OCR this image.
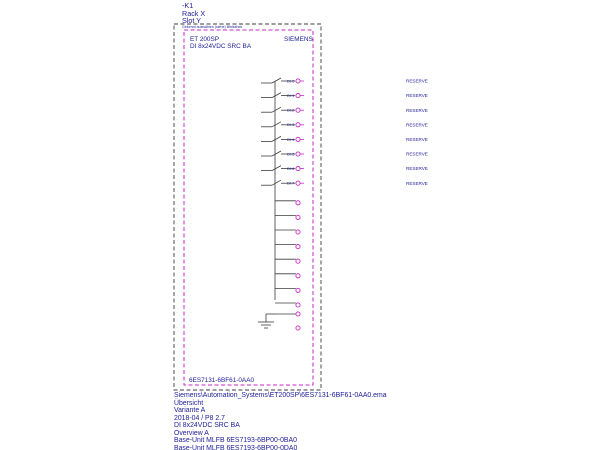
-K1
Rack X
Slot Y
Gekennt auswählen (siehe) Bibliothek
ET 200SP
DI 8x24VDC SRC BA
SIEMENS
6ES7131-6BF61-0AA0
DI.0
DI.1
DI.2
DI.3
DI.4
DI.5
DI.6
DI.7
RESERVE
RESERVE
RESERVE
RESERVE
RESERVE
RESERVE
RESERVE
RESERVE
Siemens\Automation_Systems\ET200SP\6ES7131-6BF61-0AA0.ema
Übersicht
Variante A
2018-04 / P8 2.7
DI 8x24VDC SRC BA
Overview A
Base-Unit MLFB 6ES7193-6BP00-0BA0
Base-Unit MLFB 6ES7193-6BP00-0DA0
